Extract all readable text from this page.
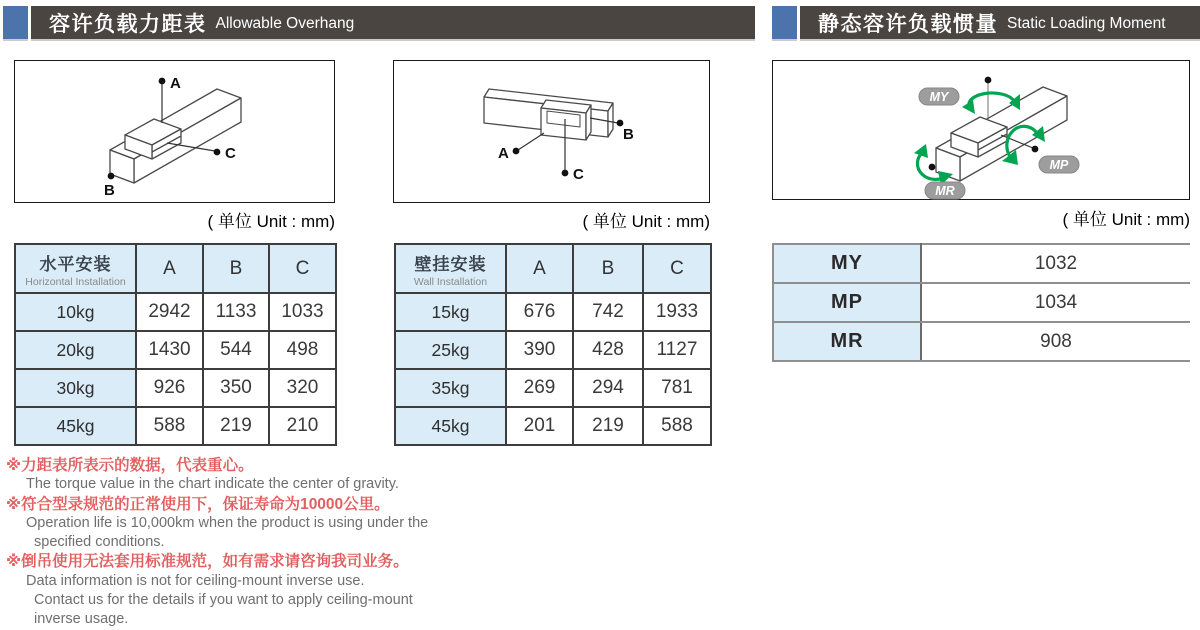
容许负载力距表 Allowable Overhang	静态容许负载惯量 Static Loading Moment
A
C
B
( 单位 Unit : mm)
A
B
C
( 单位 Unit : mm)
MY
MP
MR
( 单位 Unit : mm)
水平安装
Horizontal Installation	A	B	C
10kg	2942	1133	1033
20kg	1430	544	498
30kg	926	350	320
45kg	588	219	210
壁挂安装
Wall Installation	A	B	C
15kg	676	742	1933
25kg	390	428	1127
35kg	269	294	781
45kg	201	219	588
MY	1032
MP	1034
MR	908
※力距表所表示的数据，代表重心。
The torque value in the chart indicate the center of gravity.
※符合型录规范的正常使用下，保证寿命为10000公里。
Operation life is 10,000km when the product is using under the
specified conditions.
※倒吊使用无法套用标准规范，如有需求请咨询我司业务。
Data information is not for ceiling-mount inverse use.
Contact us for the details if you want to apply ceiling-mount
inverse usage.
